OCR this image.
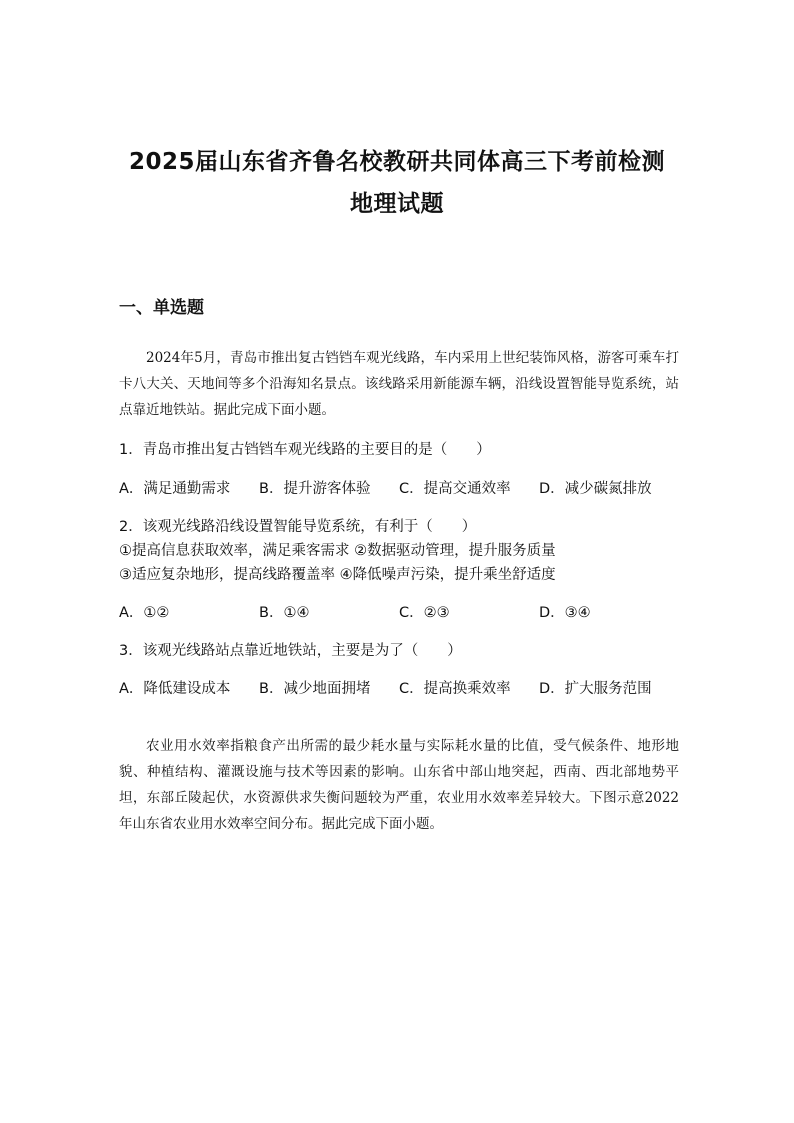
2025届山东省齐鲁名校教研共同体高三下考前检测
地理试题
一、单选题
2024年5月，青岛市推出复古铛铛车观光线路，车内采用上世纪装饰风格，游客可乘车打卡八大关、天地间等多个沿海知名景点。该线路采用新能源车辆，沿线设置智能导览系统，站点靠近地铁站。据此完成下面小题。
1．青岛市推出复古铛铛车观光线路的主要目的是（　　）
A．满足通勤需求	B．提升游客体验	C．提高交通效率	D．减少碳氮排放
2．该观光线路沿线设置智能导览系统，有利于（　　）
①提高信息获取效率，满足乘客需求 ②数据驱动管理，提升服务质量
③适应复杂地形，提高线路覆盖率 ④降低噪声污染，提升乘坐舒适度
A．①②	B．①④	C．②③	D．③④
3．该观光线路站点靠近地铁站，主要是为了（　　）
A．降低建设成本	B．减少地面拥堵	C．提高换乘效率	D．扩大服务范围
农业用水效率指粮食产出所需的最少耗水量与实际耗水量的比值，受气候条件、地形地貌、种植结构、灌溉设施与技术等因素的影响。山东省中部山地突起，西南、西北部地势平坦，东部丘陵起伏，水资源供求失衡问题较为严重，农业用水效率差异较大。下图示意2022年山东省农业用水效率空间分布。据此完成下面小题。
